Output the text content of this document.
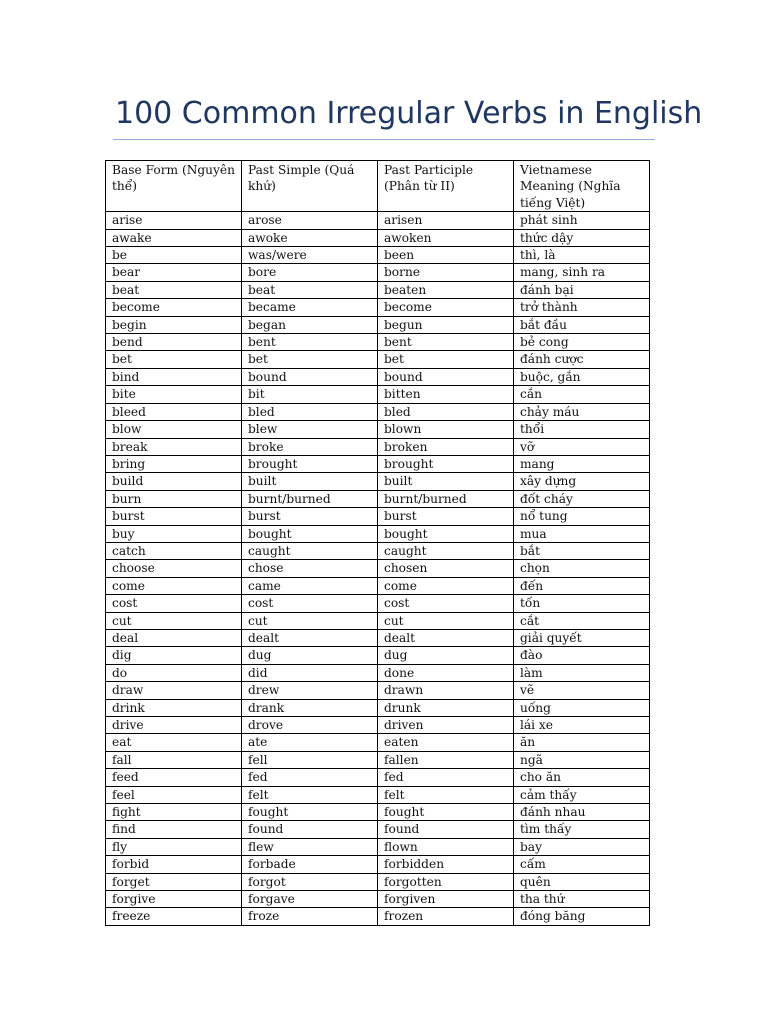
100 Common Irregular Verbs in English
Base Form (Nguyên thể)	Past Simple (Quá khứ)	Past Participle (Phân từ II)	Vietnamese Meaning (Nghĩa tiếng Việt)
arise	arose	arisen	phát sinh
awake	awoke	awoken	thức dậy
be	was/were	been	thì, là
bear	bore	borne	mang, sinh ra
beat	beat	beaten	đánh bại
become	became	become	trở thành
begin	began	begun	bắt đầu
bend	bent	bent	bẻ cong
bet	bet	bet	đánh cược
bind	bound	bound	buộc, gắn
bite	bit	bitten	cắn
bleed	bled	bled	chảy máu
blow	blew	blown	thổi
break	broke	broken	vỡ
bring	brought	brought	mang
build	built	built	xây dựng
burn	burnt/burned	burnt/burned	đốt cháy
burst	burst	burst	nổ tung
buy	bought	bought	mua
catch	caught	caught	bắt
choose	chose	chosen	chọn
come	came	come	đến
cost	cost	cost	tốn
cut	cut	cut	cắt
deal	dealt	dealt	giải quyết
dig	dug	dug	đào
do	did	done	làm
draw	drew	drawn	vẽ
drink	drank	drunk	uống
drive	drove	driven	lái xe
eat	ate	eaten	ăn
fall	fell	fallen	ngã
feed	fed	fed	cho ăn
feel	felt	felt	cảm thấy
fight	fought	fought	đánh nhau
find	found	found	tìm thấy
fly	flew	flown	bay
forbid	forbade	forbidden	cấm
forget	forgot	forgotten	quên
forgive	forgave	forgiven	tha thứ
freeze	froze	frozen	đóng băng
